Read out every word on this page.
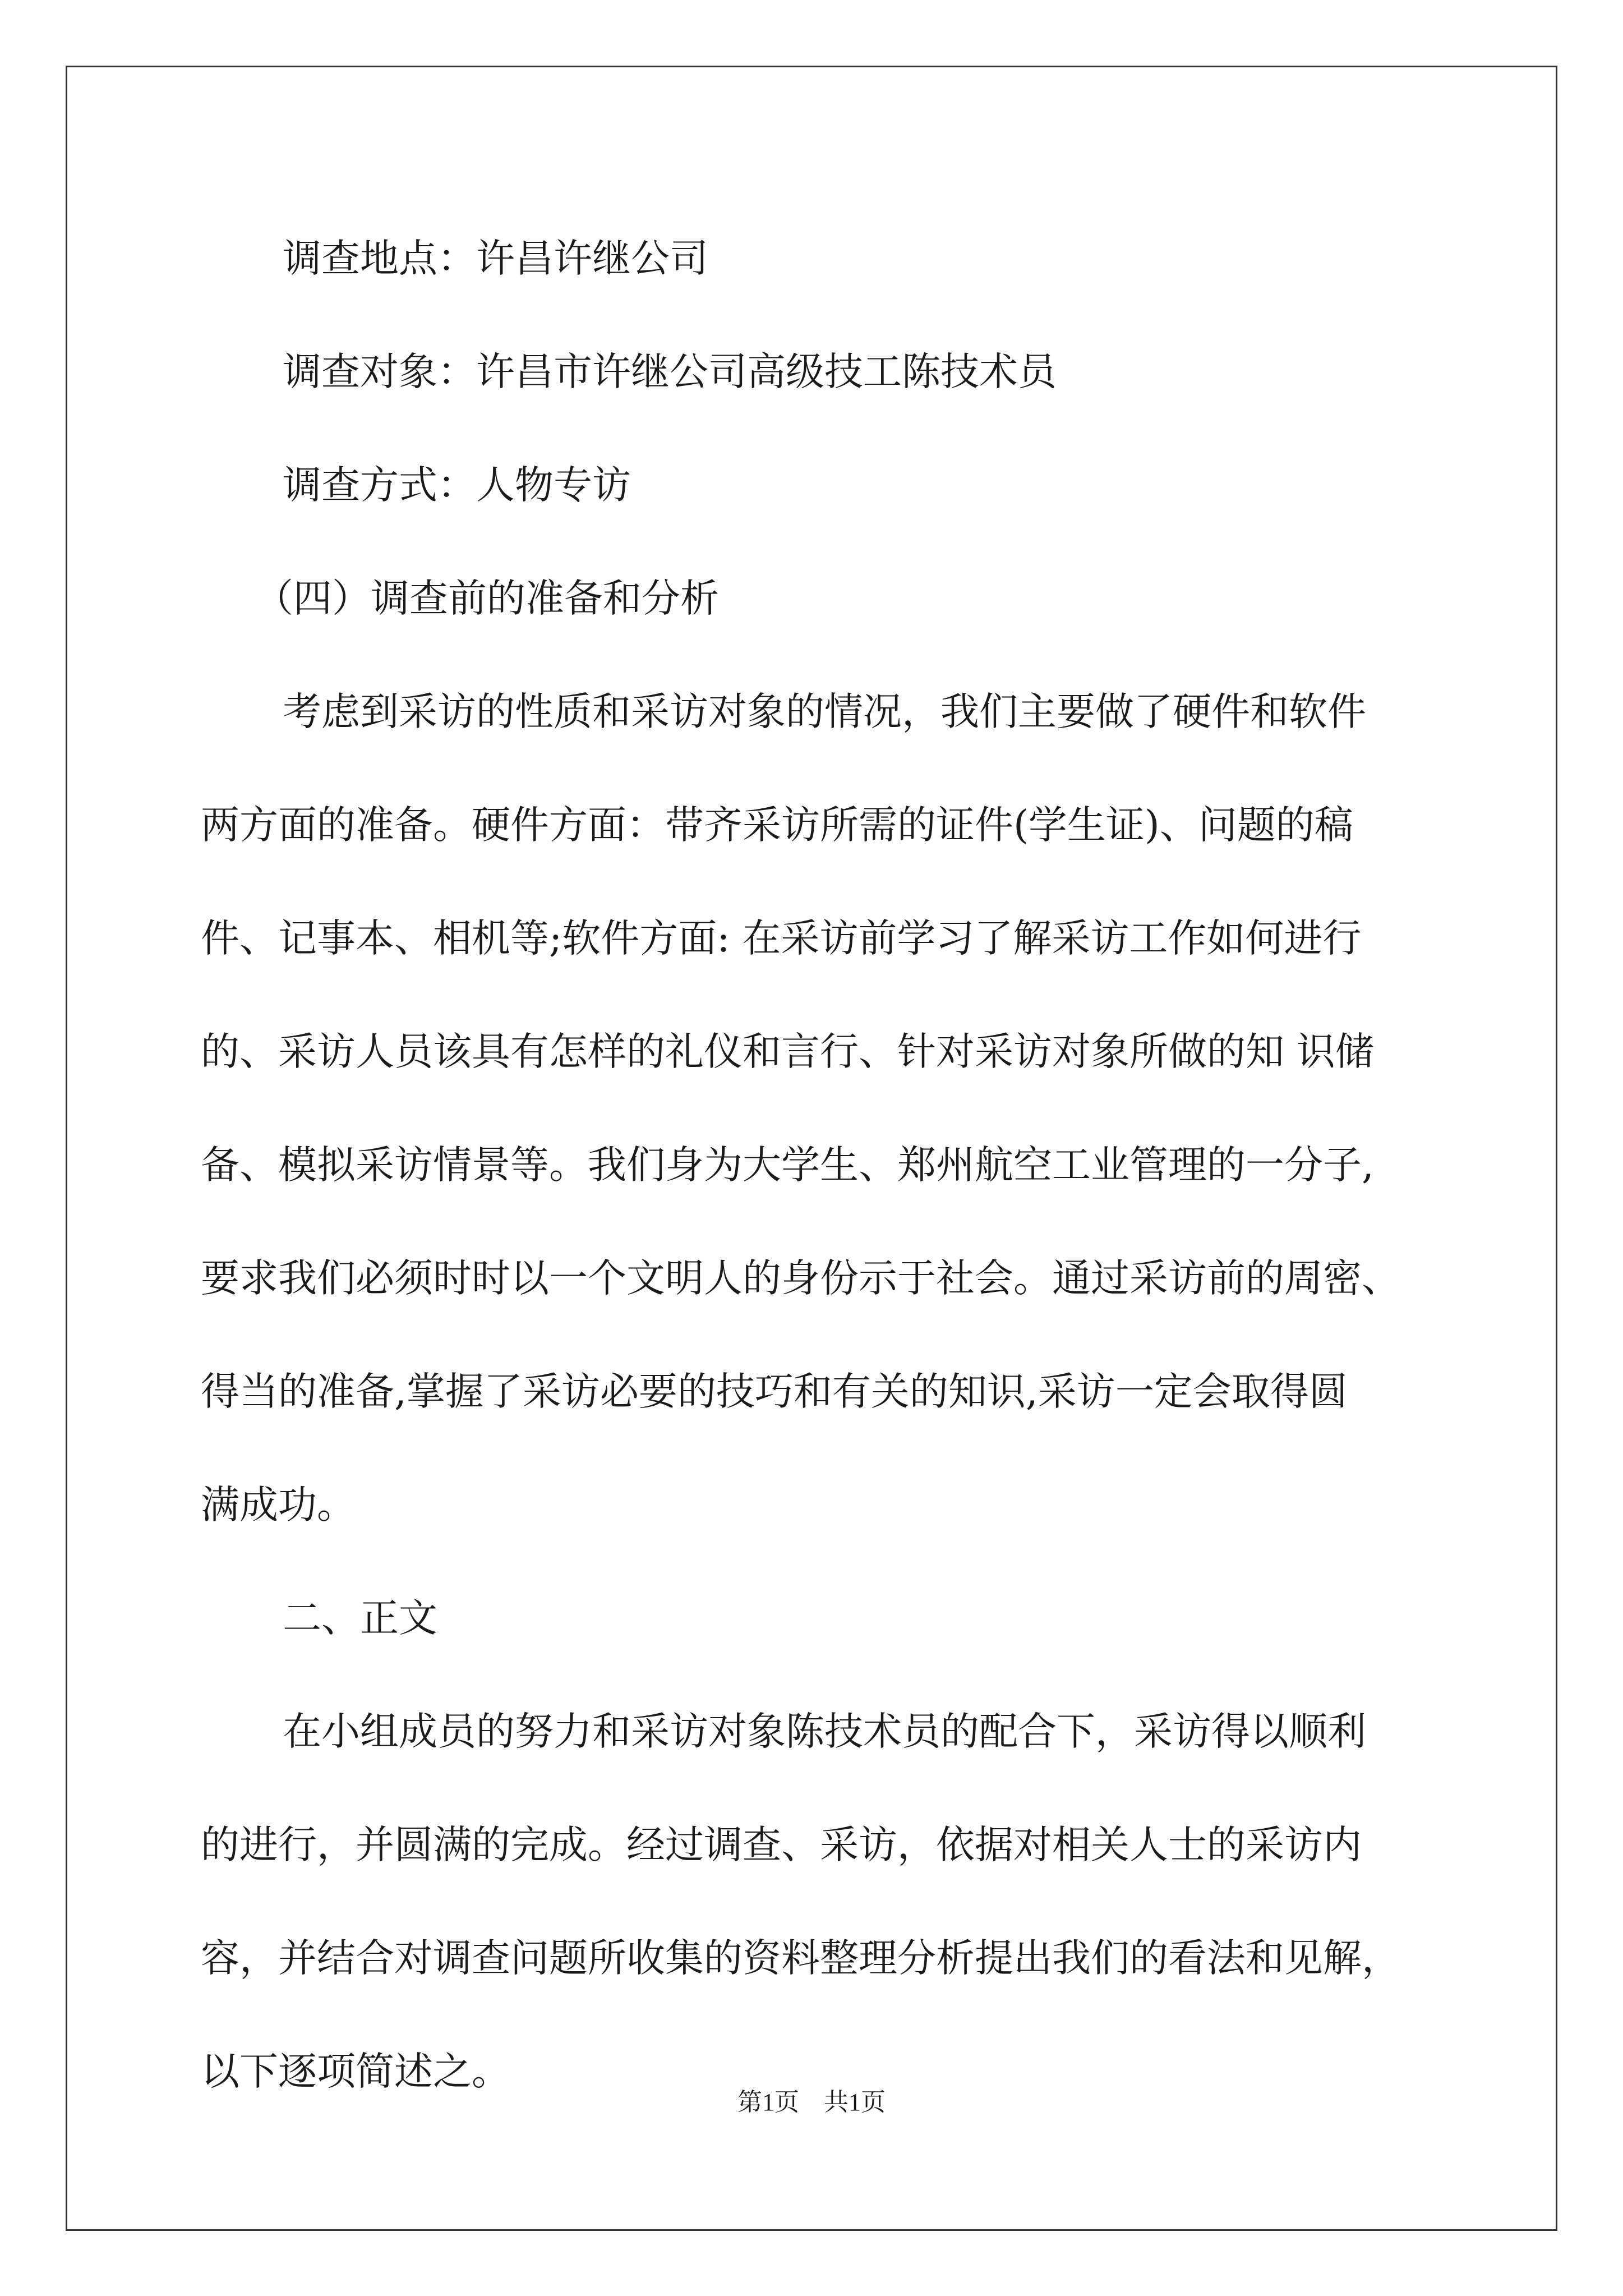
调查地点：许昌许继公司
调查对象：许昌市许继公司高级技工陈技术员
调查方式：人物专访
（四）调查前的准备和分析
考虑到采访的性质和采访对象的情况，我们主要做了硬件和软件
两方面的准备。硬件方面：带齐采访所需的证件(学生证)、问题的稿
件、记事本、相机等;软件方面: 在采访前学习了解采访工作如何进行
的、采访人员该具有怎样的礼仪和言行、针对采访对象所做的知 识储
备、模拟采访情景等。我们身为大学生、郑州航空工业管理的一分子,
要求我们必须时时以一个文明人的身份示于社会。通过采访前的周密、
得当的准备,掌握了采访必要的技巧和有关的知识,采访一定会取得圆
满成功。
二、正文
在小组成员的努力和采访对象陈技术员的配合下，采访得以顺利
的进行，并圆满的完成。经过调查、采访，依据对相关人士的采访内
容，并结合对调查问题所收集的资料整理分析提出我们的看法和见解，
以下逐项简述之。
第1页 共1页
